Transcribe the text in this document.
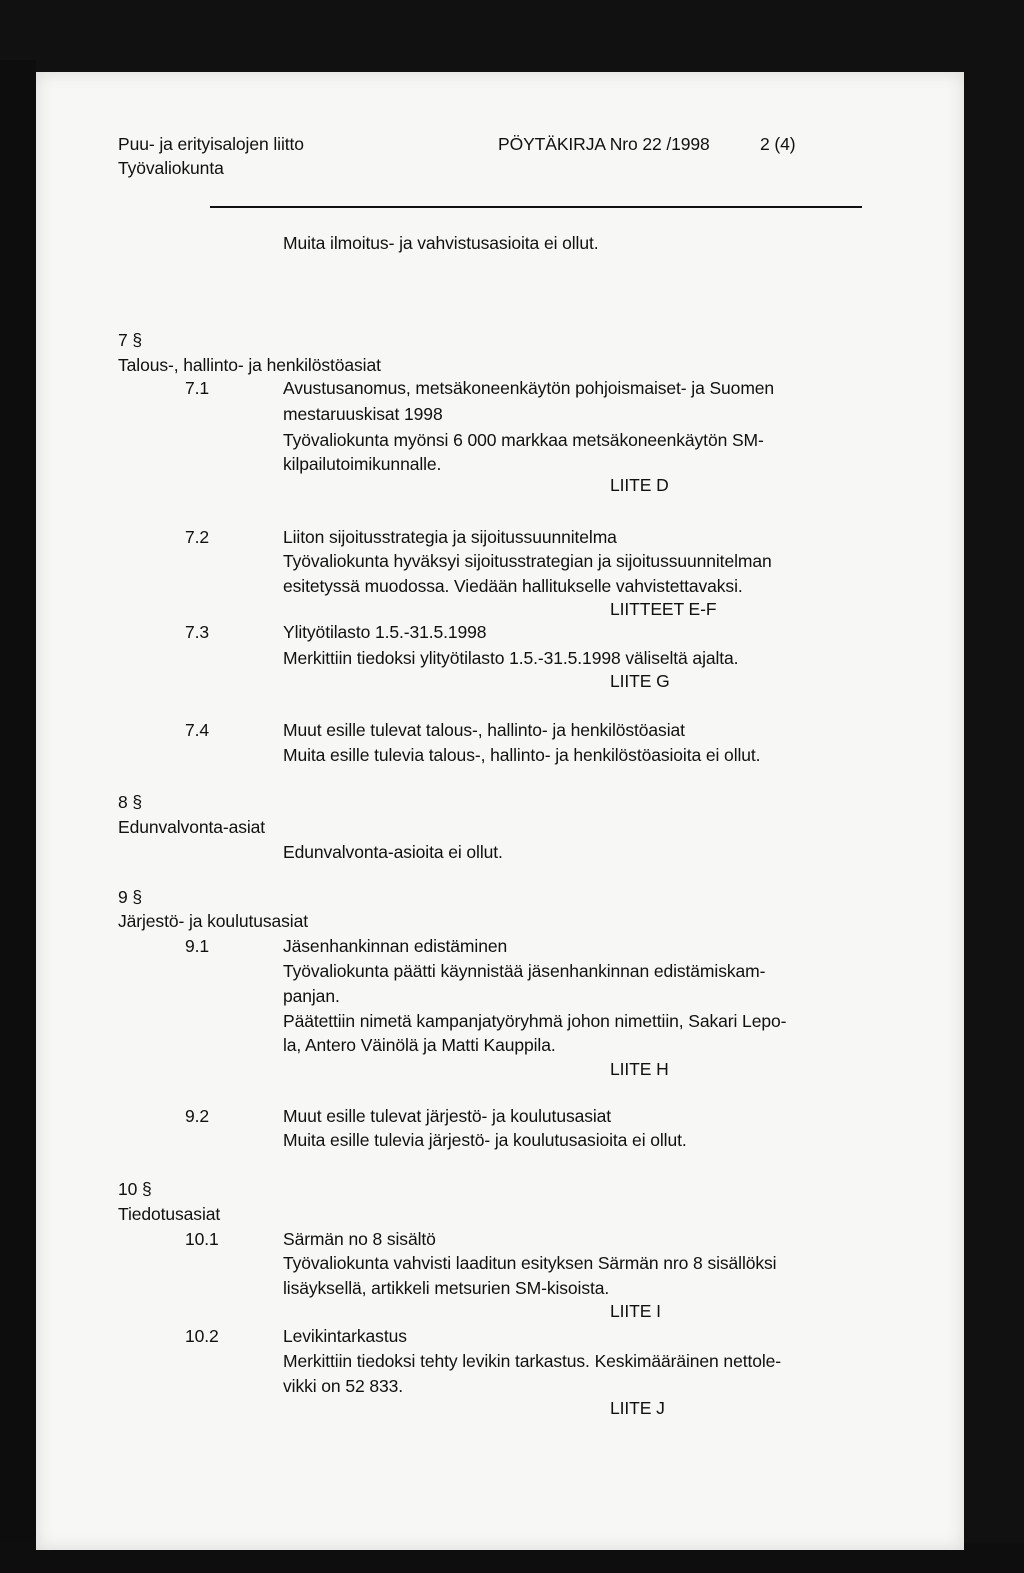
Puu- ja erityisalojen liitto
Työvaliokunta
PÖYTÄKIRJA Nro 22 /1998	2 (4)
Muita ilmoitus- ja vahvistusasioita ei ollut.
7 §
Talous-, hallinto- ja henkilöstöasiat
7.1	Avustusanomus, metsäkoneenkäytön pohjoismaiset- ja Suomen
mestaruuskisat 1998
Työvaliokunta myönsi 6 000 markkaa metsäkoneenkäytön SM-
kilpailutoimikunnalle.
LIITE D
7.2	Liiton sijoitusstrategia ja sijoitussuunnitelma
Työvaliokunta hyväksyi sijoitusstrategian ja sijoitussuunnitelman
esitetyssä muodossa. Viedään hallitukselle vahvistettavaksi.
LIITTEET E-F
7.3	Ylityötilasto 1.5.-31.5.1998
Merkittiin tiedoksi ylityötilasto 1.5.-31.5.1998 väliseltä ajalta.
LIITE G
7.4	Muut esille tulevat talous-, hallinto- ja henkilöstöasiat
Muita esille tulevia talous-, hallinto- ja henkilöstöasioita ei ollut.
8 §
Edunvalvonta-asiat
Edunvalvonta-asioita ei ollut.
9 §
Järjestö- ja koulutusasiat
9.1	Jäsenhankinnan edistäminen
Työvaliokunta päätti käynnistää jäsenhankinnan edistämiskam-
panjan.
Päätettiin nimetä kampanjatyöryhmä johon nimettiin, Sakari Lepo-
la, Antero Väinölä ja Matti Kauppila.
LIITE H
9.2	Muut esille tulevat järjestö- ja koulutusasiat
Muita esille tulevia järjestö- ja koulutusasioita ei ollut.
10 §
Tiedotusasiat
10.1	Särmän no 8 sisältö
Työvaliokunta vahvisti laaditun esityksen Särmän nro 8 sisällöksi
lisäyksellä, artikkeli metsurien SM-kisoista.
LIITE I
10.2	Levikintarkastus
Merkittiin tiedoksi tehty levikin tarkastus. Keskimääräinen nettole-
vikki on 52 833.
LIITE J
